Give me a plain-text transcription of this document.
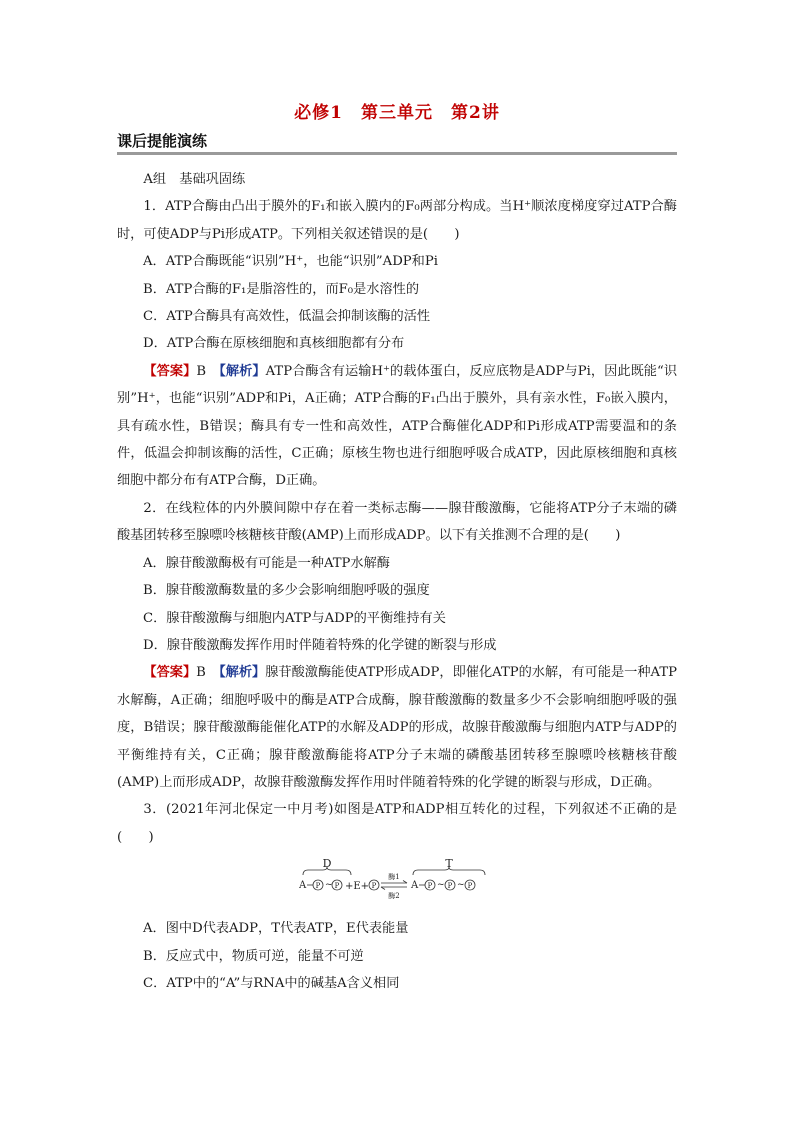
必修1　第三单元　第2讲
课后提能演练

A组　基础巩固练

1．ATP合酶由凸出于膜外的F₁和嵌入膜内的F₀两部分构成。当H⁺顺浓度梯度穿过ATP合酶时，可使ADP与Pi形成ATP。下列相关叙述错误的是(　　)

A．ATP合酶既能“识别”H⁺，也能“识别”ADP和Pi

B．ATP合酶的F₁是脂溶性的，而F₀是水溶性的

C．ATP合酶具有高效性，低温会抑制该酶的活性

D．ATP合酶在原核细胞和真核细胞都有分布

【答案】B　【解析】ATP合酶含有运输H⁺的载体蛋白，反应底物是ADP与Pi，因此既能“识别”H⁺，也能“识别”ADP和Pi，A正确；ATP合酶的F₁凸出于膜外，具有亲水性，F₀嵌入膜内，具有疏水性，B错误；酶具有专一性和高效性，ATP合酶催化ADP和Pi形成ATP需要温和的条件，低温会抑制该酶的活性，C正确；原核生物也进行细胞呼吸合成ATP，因此原核细胞和真核细胞中都分布有ATP合酶，D正确。

2．在线粒体的内外膜间隙中存在着一类标志酶——腺苷酸激酶，它能将ATP分子末端的磷酸基团转移至腺嘌呤核糖核苷酸(AMP)上而形成ADP。以下有关推测不合理的是(　　)

A．腺苷酸激酶极有可能是一种ATP水解酶

B．腺苷酸激酶数量的多少会影响细胞呼吸的强度

C．腺苷酸激酶与细胞内ATP与ADP的平衡维持有关

D．腺苷酸激酶发挥作用时伴随着特殊的化学键的断裂与形成

【答案】B　【解析】腺苷酸激酶能使ATP形成ADP，即催化ATP的水解，有可能是一种ATP水解酶，A正确；细胞呼吸中的酶是ATP合成酶，腺苷酸激酶的数量多少不会影响细胞呼吸的强度，B错误；腺苷酸激酶能催化ATP的水解及ADP的形成，故腺苷酸激酶与细胞内ATP与ADP的平衡维持有关，C正确；腺苷酸激酶能将ATP分子末端的磷酸基团转移至腺嘌呤核糖核苷酸(AMP)上而形成ADP，故腺苷酸激酶发挥作用时伴随着特殊的化学键的断裂与形成，D正确。

3．(2021年河北保定一中月考)如图是ATP和ADP相互转化的过程，下列叙述不正确的是(　　)

D	T
A P ~ P +E+ P
酶1
酶2
A P ~ P ~ P

A．图中D代表ADP，T代表ATP，E代表能量

B．反应式中，物质可逆，能量不可逆

C．ATP中的“A”与RNA中的碱基A含义相同
